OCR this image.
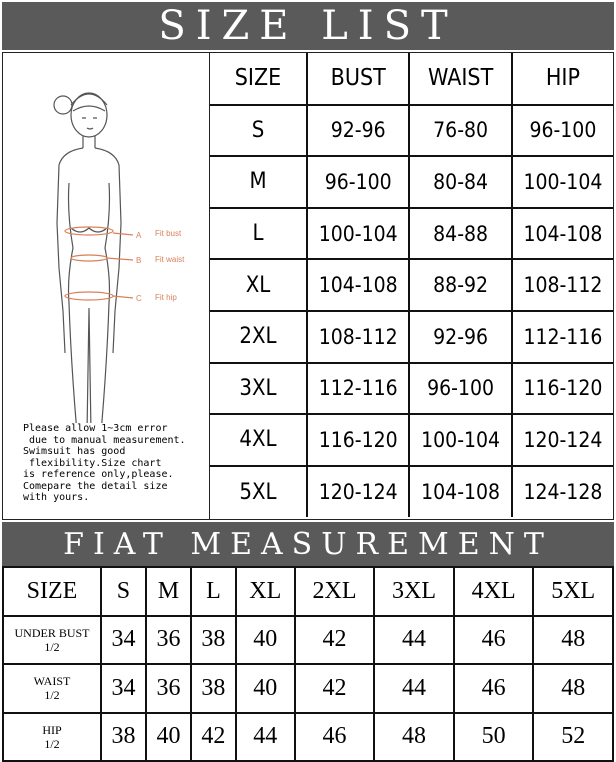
SIZE LIST
A
B
C
Fit bust
Fit waist
Fit hip
Please allow 1~3cm error
due to manual measurement.
Swimsuit has good
flexibility.Size chart
is reference only,please.
Comepare the detail size
with yours.
SIZE	BUST	WAIST	HIP
S	92-96	76-80	96-100
M	96-100	80-84	100-104
L	100-104	84-88	104-108
XL	104-108	88-92	108-112
2XL	108-112	92-96	112-116
3XL	112-116	96-100	116-120
4XL	116-120	100-104	120-124
5XL	120-124	104-108	124-128
FIAT MEASUREMENT
SIZE	S	M	L	XL	2XL	3XL	4XL	5XL

UNDER BUST
1/2	34	36	38	40	42	44	46	48

WAIST
1/2	34	36	38	40	42	44	46	48

HIP
1/2	38	40	42	44	46	48	50	52
